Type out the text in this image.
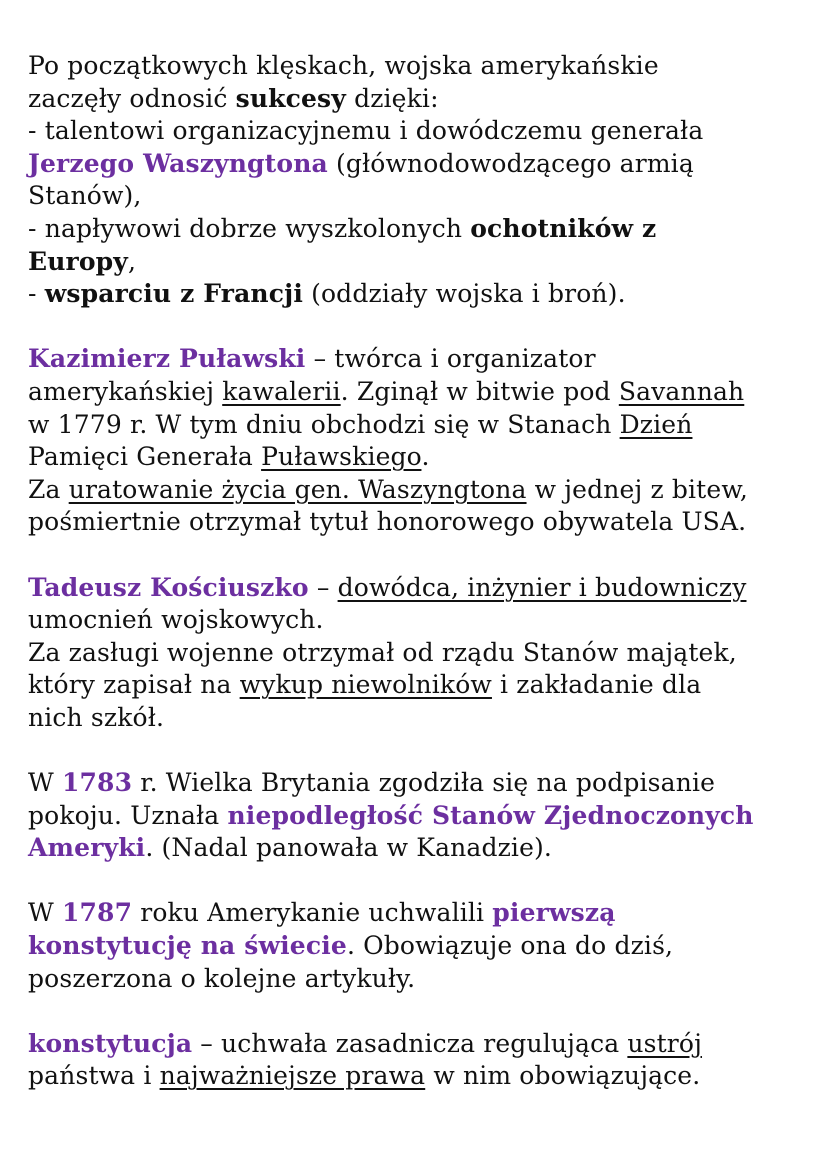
Po początkowych klęskach, wojska amerykańskie
zaczęły odnosić sukcesy dzięki:
- talentowi organizacyjnemu i dowódczemu generała
Jerzego Waszyngtona (głównodowodzącego armią
Stanów),
- napływowi dobrze wyszkolonych ochotników z
Europy,
- wsparciu z Francji (oddziały wojska i broń).
Kazimierz Puławski – twórca i organizator
amerykańskiej kawalerii. Zginął w bitwie pod Savannah
w 1779 r. W tym dniu obchodzi się w Stanach Dzień
Pamięci Generała Puławskiego.
Za uratowanie życia gen. Waszyngtona w jednej z bitew,
pośmiertnie otrzymał tytuł honorowego obywatela USA.
Tadeusz Kościuszko – dowódca, inżynier i budowniczy
umocnień wojskowych.
Za zasługi wojenne otrzymał od rządu Stanów majątek,
który zapisał na wykup niewolników i zakładanie dla
nich szkół.
W 1783 r. Wielka Brytania zgodziła się na podpisanie
pokoju. Uznała niepodległość Stanów Zjednoczonych
Ameryki. (Nadal panowała w Kanadzie).
W 1787 roku Amerykanie uchwalili pierwszą
konstytucję na świecie. Obowiązuje ona do dziś,
poszerzona o kolejne artykuły.
konstytucja – uchwała zasadnicza regulująca ustrój
państwa i najważniejsze prawa w nim obowiązujące.
